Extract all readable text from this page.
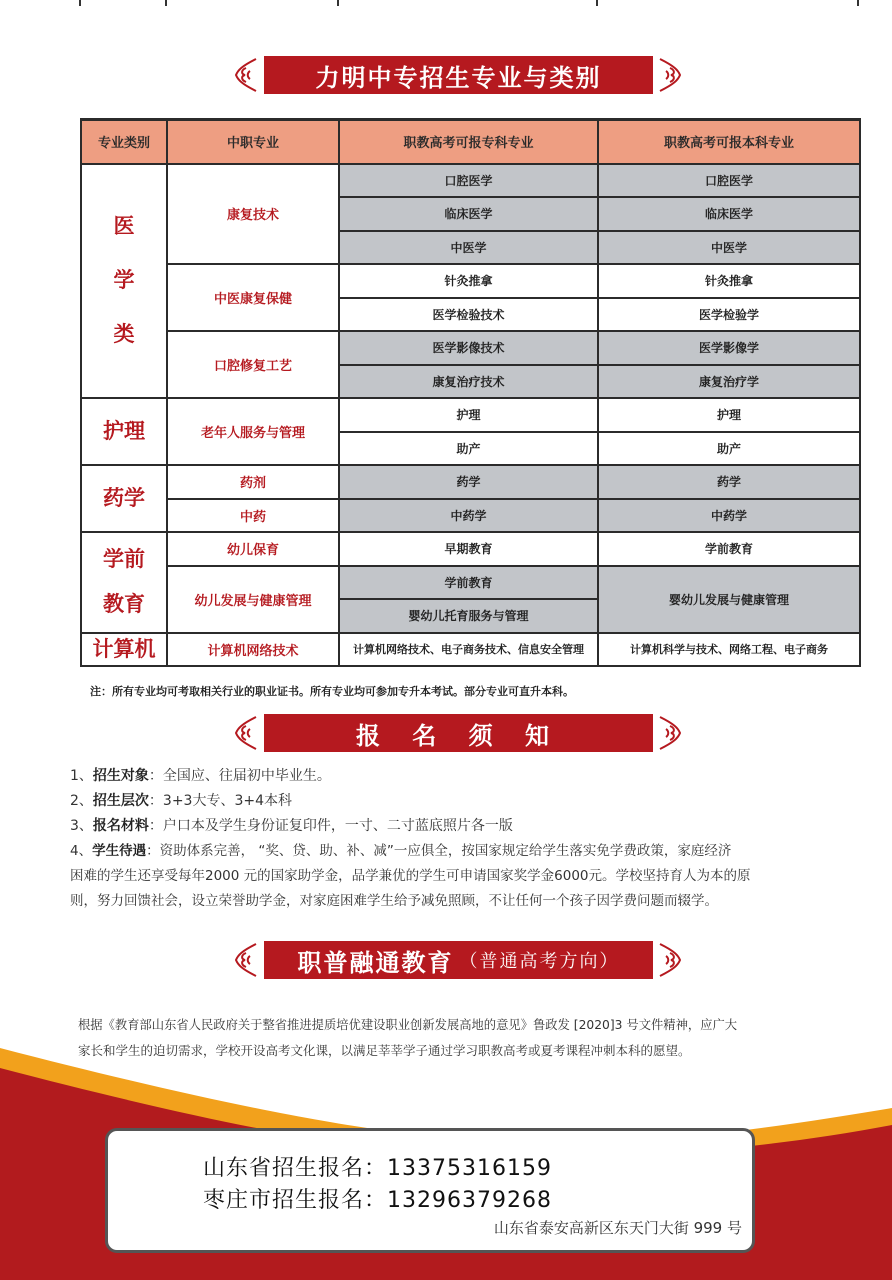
力明中专招生专业与类别
专业类别	中职专业	职教高考可报专科专业	职教高考可报本科专业

医
学
类	康复技术	口腔医学	口腔医学
		临床医学	临床医学
		中医学	中医学
	中医康复保健	针灸推拿	针灸推拿
		医学检验技术	医学检验学
	口腔修复工艺	医学影像技术	医学影像学
		康复治疗技术	康复治疗学
护理	老年人服务与管理	护理	护理
		助产	助产
药学	药剂	药学	药学
	中药	中药学	中药学

学前
教育	幼儿保育	早期教育	学前教育
	幼儿发展与健康管理	学前教育	婴幼儿发展与健康管理
		婴幼儿托育服务与管理	
计算机	计算机网络技术	计算机网络技术、电子商务技术、信息安全管理	计算机科学与技术、网络工程、电子商务
注：所有专业均可考取相关行业的职业证书。所有专业均可参加专升本考试。部分专业可直升本科。
报 名 须 知
1、招生对象：全国应、往届初中毕业生。
2、招生层次：3+3大专、3+4本科
3、报名材料：户口本及学生身份证复印件，一寸、二寸蓝底照片各一版
4、学生待遇：资助体系完善， “奖、贷、助、补、减”一应俱全，按国家规定给学生落实免学费政策，家庭经济
困难的学生还享受每年2000 元的国家助学金，品学兼优的学生可申请国家奖学金6000元。学校坚持育人为本的原
则，努力回馈社会，设立荣誉助学金，对家庭困难学生给予减免照顾，不让任何一个孩子因学费问题而辍学。
职普融通教育 （普通高考方向）
根据《教育部山东省人民政府关于整省推进提质培优建设职业创新发展高地的意见》鲁政发 [2020]3 号文件精神，应广大
家长和学生的迫切需求，学校开设高考文化课，以满足莘莘学子通过学习职教高考或夏考课程冲刺本科的愿望。
山东省招生报名：13375316159
枣庄市招生报名：13296379268
山东省泰安高新区东天门大街 999 号
